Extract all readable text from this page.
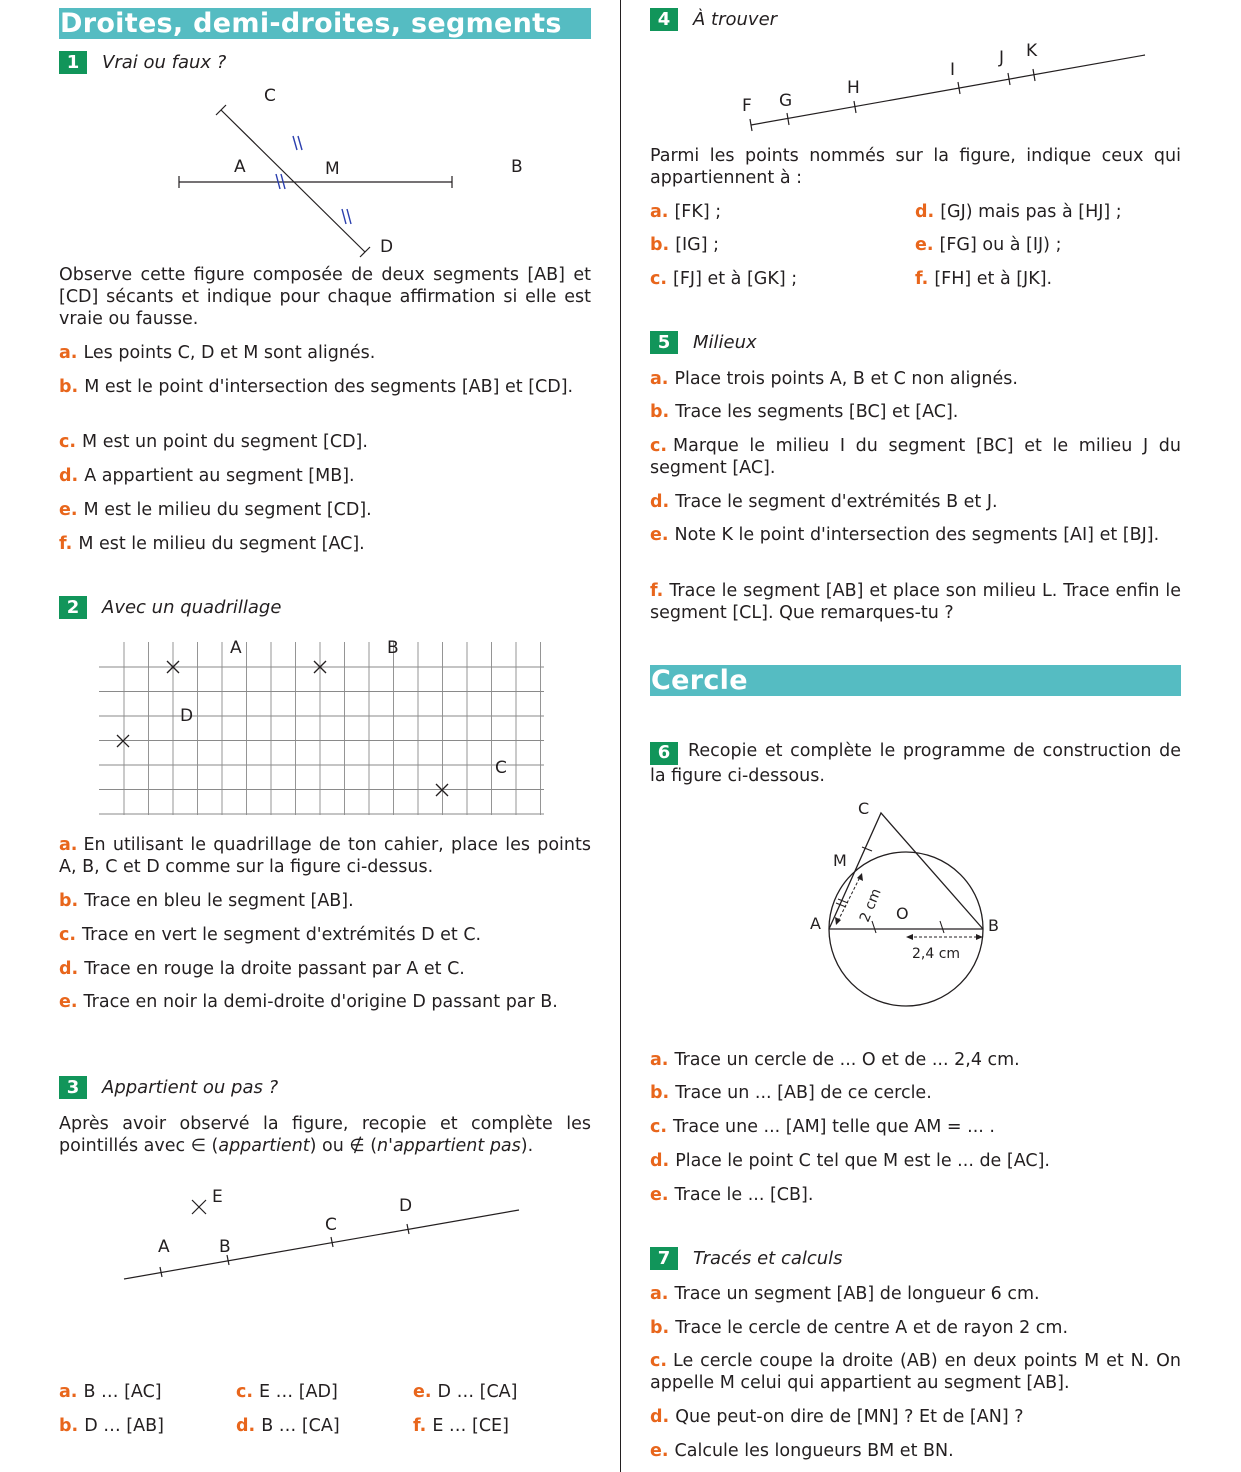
Droites, demi-droites, segments
1	Vrai ou faux ?
C
A	M	B
D
Observe cette figure composée de deux segments [AB] et [CD] sécants et indique pour chaque affirmation si elle est vraie ou fausse.
a. Les points C, D et M sont alignés.
b. M est le point d'intersection des segments [AB] et [CD].
c. M est un point du segment [CD].
d. A appartient au segment [MB].
e. M est le milieu du segment [CD].
f. M est le milieu du segment [AC].
2	Avec un quadrillage
A	B
D
C
a. En utilisant le quadrillage de ton cahier, place les points A, B, C et D comme sur la figure ci-dessus.
b. Trace en bleu le segment [AB].
c. Trace en vert le segment d'extrémités D et C.
d. Trace en rouge la droite passant par A et C.
e. Trace en noir la demi-droite d'origine D passant par B.
3	Appartient ou pas ?
Après avoir observé la figure, recopie et complète les pointillés avec ∈ (appartient) ou ∉ (n'appartient pas).
A	B
C
D
E
a. B … [AC]
b. D … [AB]
c. E … [AD]
d. B … [CA]
e. D … [CA]
f. E … [CE]
4	À trouver
F G
H
I
J K
Parmi les points nommés sur la figure, indique ceux qui appartiennent à :
a. [FK] ;
b. [IG] ;
c. [FJ] et à [GK] ;
d. [GJ) mais pas à [HJ] ;
e. [FG] ou à [IJ) ;
f. [FH] et à [JK].
5	Milieux
a. Place trois points A, B et C non alignés.
b. Trace les segments [BC] et [AC].
c. Marque le milieu I du segment [BC] et le milieu J du segment [AC].
d. Trace le segment d'extrémités B et J.
e. Note K le point d'intersection des segments [AI] et [BJ].
f. Trace le segment [AB] et place son milieu L. Trace enfin le segment [CL]. Que remarques-tu ?
Cercle
6 Recopie et complète le programme de construction de la figure ci-dessous.
C
M
A
O
B
2,4 cm
2 cm
a. Trace un cercle de ... O et de ... 2,4 cm.
b. Trace un ... [AB] de ce cercle.
c. Trace une ... [AM] telle que AM = ... .
d. Place le point C tel que M est le ... de [AC].
e. Trace le ... [CB].
7	Tracés et calculs
a. Trace un segment [AB] de longueur 6 cm.
b. Trace le cercle de centre A et de rayon 2 cm.
c. Le cercle coupe la droite (AB) en deux points M et N. On appelle M celui qui appartient au segment [AB].
d. Que peut-on dire de [MN] ? Et de [AN] ?
e. Calcule les longueurs BM et BN.
